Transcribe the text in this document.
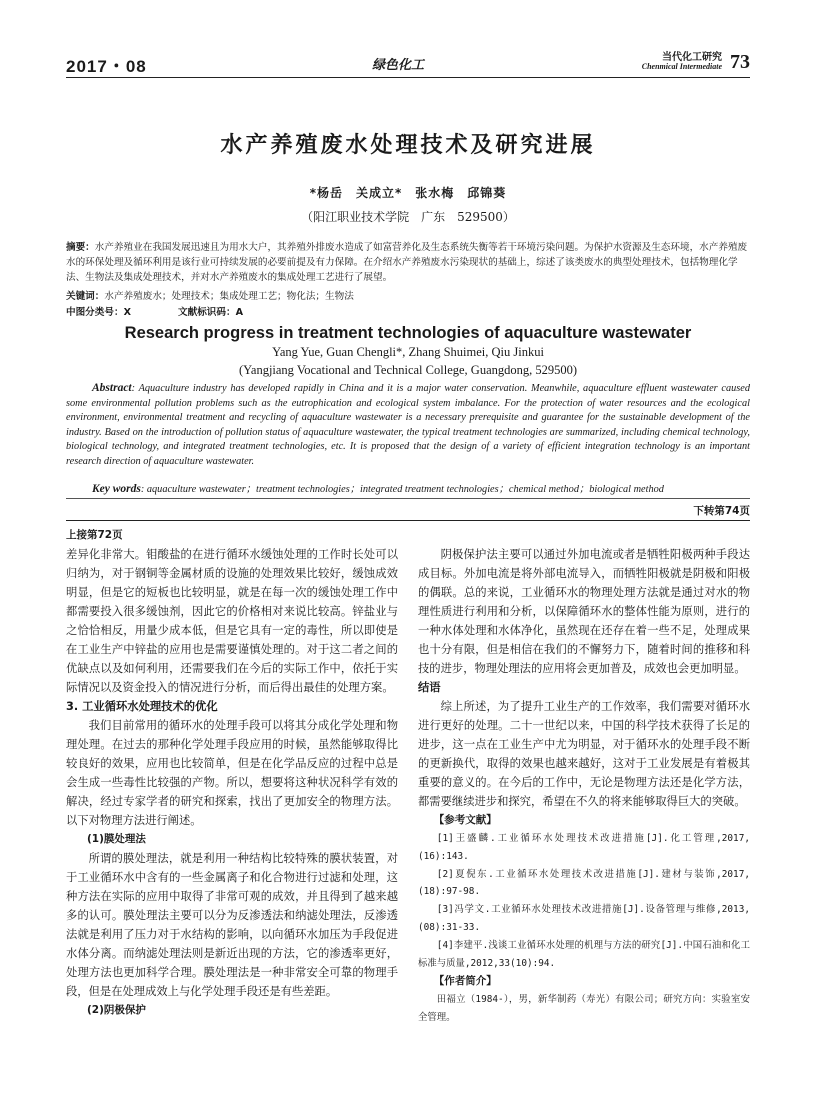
2017・08	绿色化工
当代化工研究
Chenmical Intermediate 73
水产养殖废水处理技术及研究进展
*杨岳　关成立*　张水梅　邱锦葵
（阳江职业技术学院　广东　529500）
摘要：水产养殖业在我国发展迅速且为用水大户，其养殖外排废水造成了如富营养化及生态系统失衡等若干环境污染问题。为保护水资源及生态环境，水产养殖废水的环保处理及循环利用是该行业可持续发展的必要前提及有力保障。在介绍水产养殖废水污染现状的基础上，综述了该类废水的典型处理技术，包括物理化学法、生物法及集成处理技术，并对水产养殖废水的集成处理工艺进行了展望。
关键词：水产养殖废水；处理技术；集成处理工艺；物化法；生物法
中图分类号：X	文献标识码：A
Research progress in treatment technologies of aquaculture wastewater
Yang Yue, Guan Chengli*, Zhang Shuimei, Qiu Jinkui
(Yangjiang Vocational and Technical College, Guangdong, 529500)
Abstract: Aquaculture industry has developed rapidly in China and it is a major water conservation. Meanwhile, aquaculture effluent wastewater caused some environmental pollution problems such as the eutrophication and ecological system imbalance. For the protection of water resources and the ecological environment, environmental treatment and recycling of aquaculture wastewater is a necessary prerequisite and guarantee for the sustainable development of the industry. Based on the introduction of pollution status of aquaculture wastewater, the typical treatment technologies are summarized, including chemical technology, biological technology, and integrated treatment technologies, etc. It is proposed that the design of a variety of efficient integration technology is an important research direction of aquaculture wastewater.
Key words: aquaculture wastewater；treatment technologies；integrated treatment technologies；chemical method；biological method
下转第74页
上接第72页

差异化非常大。钼酸盐的在进行循环水缓蚀处理的工作时长处可以归纳为，对于钢铜等金属材质的设施的处理效果比较好，缓蚀成效明显，但是它的短板也比较明显，就是在每一次的缓蚀处理工作中都需要投入很多缓蚀剂，因此它的价格相对来说比较高。锌盐业与之恰恰相反，用量少成本低，但是它具有一定的毒性，所以即使是在工业生产中锌盐的应用也是需要谨慎处理的。对于这二者之间的优缺点以及如何利用，还需要我们在今后的实际工作中，依托于实际情况以及资金投入的情况进行分析，而后得出最佳的处理方案。

3. 工业循环水处理技术的优化

我们目前常用的循环水的处理手段可以将其分成化学处理和物理处理。在过去的那种化学处理手段应用的时候，虽然能够取得比较良好的效果，应用也比较简单，但是在化学品反应的过程中总是会生成一些毒性比较强的产物。所以，想要将这种状况科学有效的解决，经过专家学者的研究和探索，找出了更加安全的物理方法。以下对物理方法进行阐述。

(1)膜处理法

所谓的膜处理法，就是利用一种结构比较特殊的膜状装置，对于工业循环水中含有的一些金属离子和化合物进行过滤和处理，这种方法在实际的应用中取得了非常可观的成效，并且得到了越来越多的认可。膜处理法主要可以分为反渗透法和纳滤处理法，反渗透法就是利用了压力对于水结构的影响，以向循环水加压为手段促进水体分离。而纳滤处理法则是新近出现的方法，它的渗透率更好，处理方法也更加科学合理。膜处理法是一种非常安全可靠的物理手段，但是在处理成效上与化学处理手段还是有些差距。

(2)阴极保护

阴极保护法主要可以通过外加电流或者是牺牲阳极两种手段达成目标。外加电流是将外部电流导入，而牺牲阳极就是阴极和阳极的偶联。总的来说，工业循环水的物理处理方法就是通过对水的物理性质进行利用和分析，以保障循环水的整体性能为原则，进行的一种水体处理和水体净化，虽然现在还存在着一些不足，处理成果也十分有限，但是相信在我们的不懈努力下，随着时间的推移和科技的进步，物理处理法的应用将会更加普及，成效也会更加明显。

结语

综上所述，为了提升工业生产的工作效率，我们需要对循环水进行更好的处理。二十一世纪以来，中国的科学技术获得了长足的进步，这一点在工业生产中尤为明显，对于循环水的处理手段不断的更新换代，取得的效果也越来越好，这对于工业发展是有着极其重要的意义的。在今后的工作中，无论是物理方法还是化学方法，都需要继续进步和探究，希望在不久的将来能够取得巨大的突破。

【参考文献】

[1]王盛麟.工业循环水处理技术改进措施[J].化工管理,2017,(16):143.

[2]夏倪东.工业循环水处理技术改进措施[J].建材与装饰,2017,(18):97-98.

[3]冯学文.工业循环水处理技术改进措施[J].设备管理与维修,2013,(08):31-33.

[4]李建平.浅谈工业循环水处理的机理与方法的研究[J].中国石油和化工标准与质量,2012,33(10):94.

【作者简介】

田福立（1984-），男，新华制药（寿光）有限公司；研究方向：实验室安全管理。
